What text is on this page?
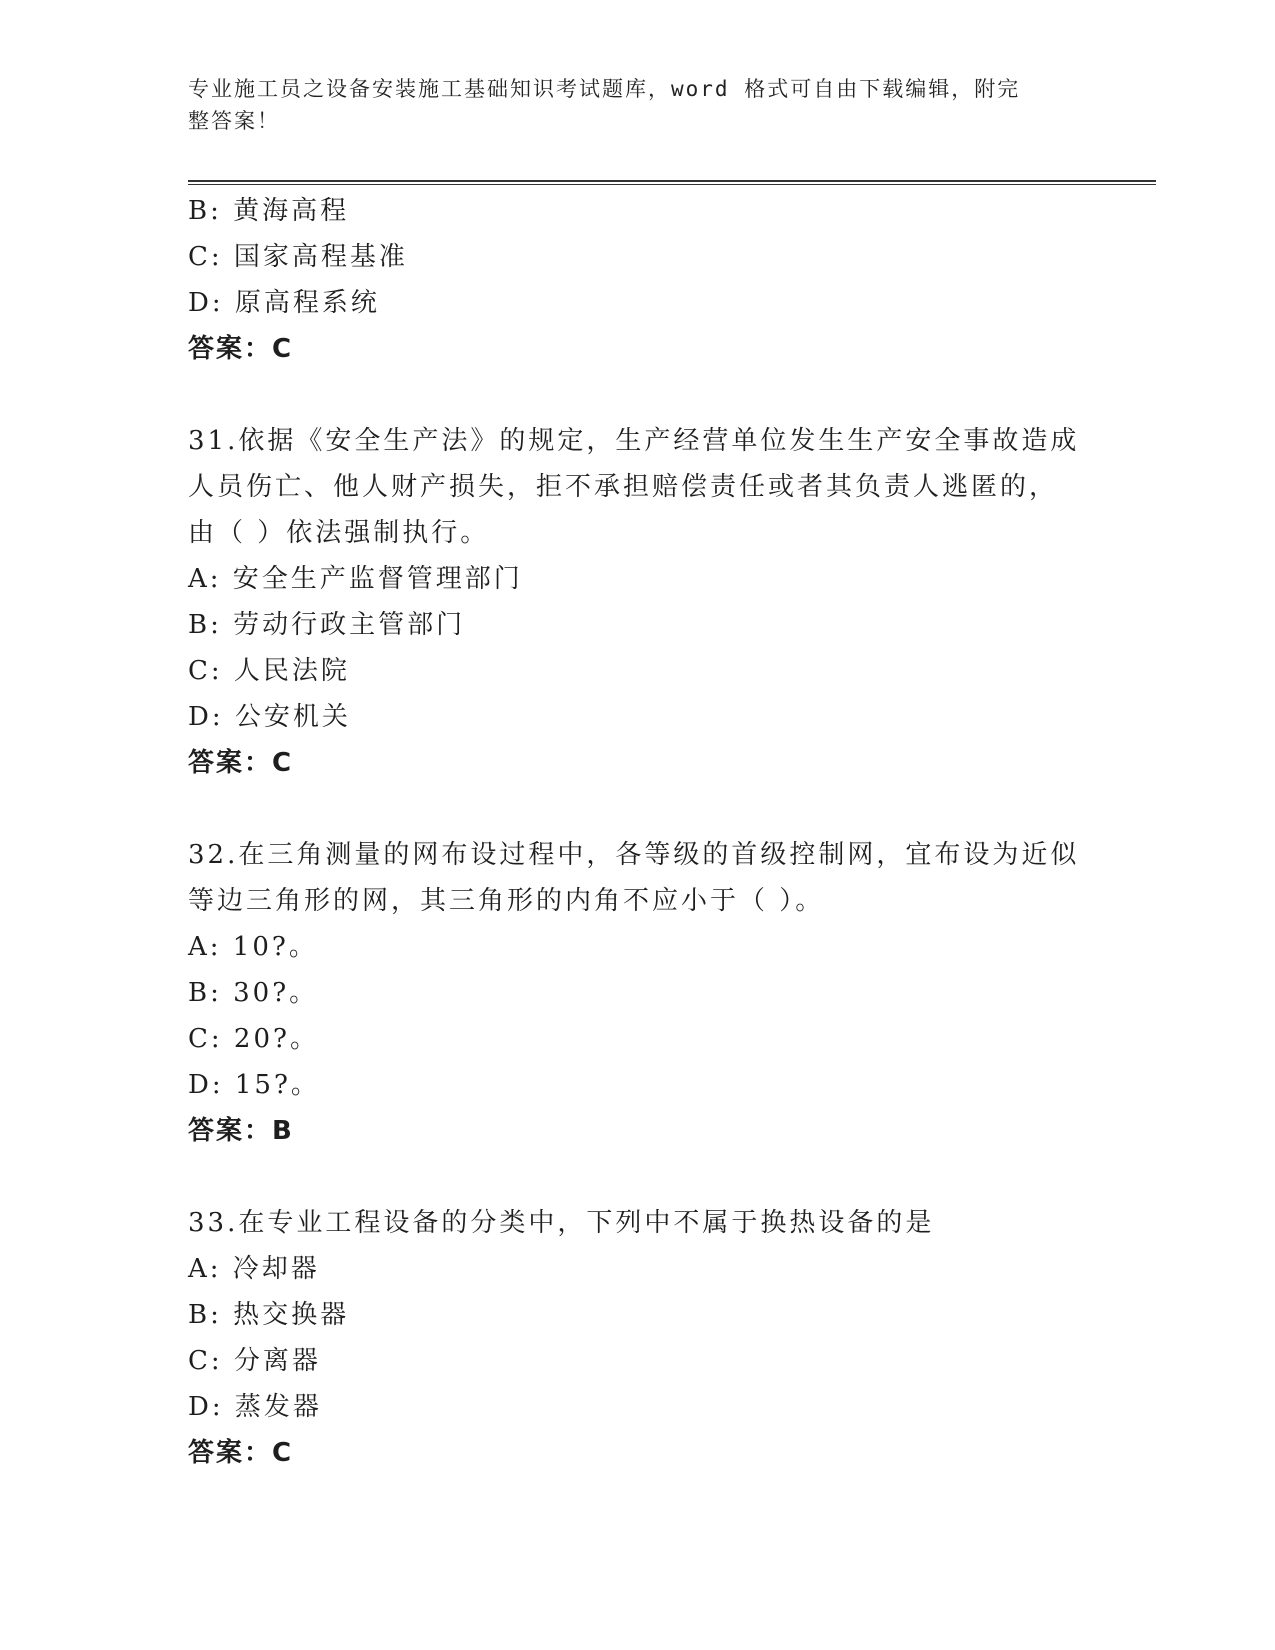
专业施工员之设备安装施工基础知识考试题库，word 格式可自由下载编辑，附完
整答案！
B: 黄海高程
C: 国家高程基准
D: 原高程系统
答案：C
31.依据《安全生产法》的规定，生产经营单位发生生产安全事故造成
人员伤亡、他人财产损失，拒不承担赔偿责任或者其负责人逃匿的，
由（ ）依法强制执行。
A: 安全生产监督管理部门
B: 劳动行政主管部门
C: 人民法院
D: 公安机关
答案：C
32.在三角测量的网布设过程中，各等级的首级控制网，宜布设为近似
等边三角形的网，其三角形的内角不应小于（ ）。
A: 10?。
B: 30?。
C: 20?。
D: 15?。
答案：B
33.在专业工程设备的分类中，下列中不属于换热设备的是
A: 冷却器
B: 热交换器
C: 分离器
D: 蒸发器
答案：C
